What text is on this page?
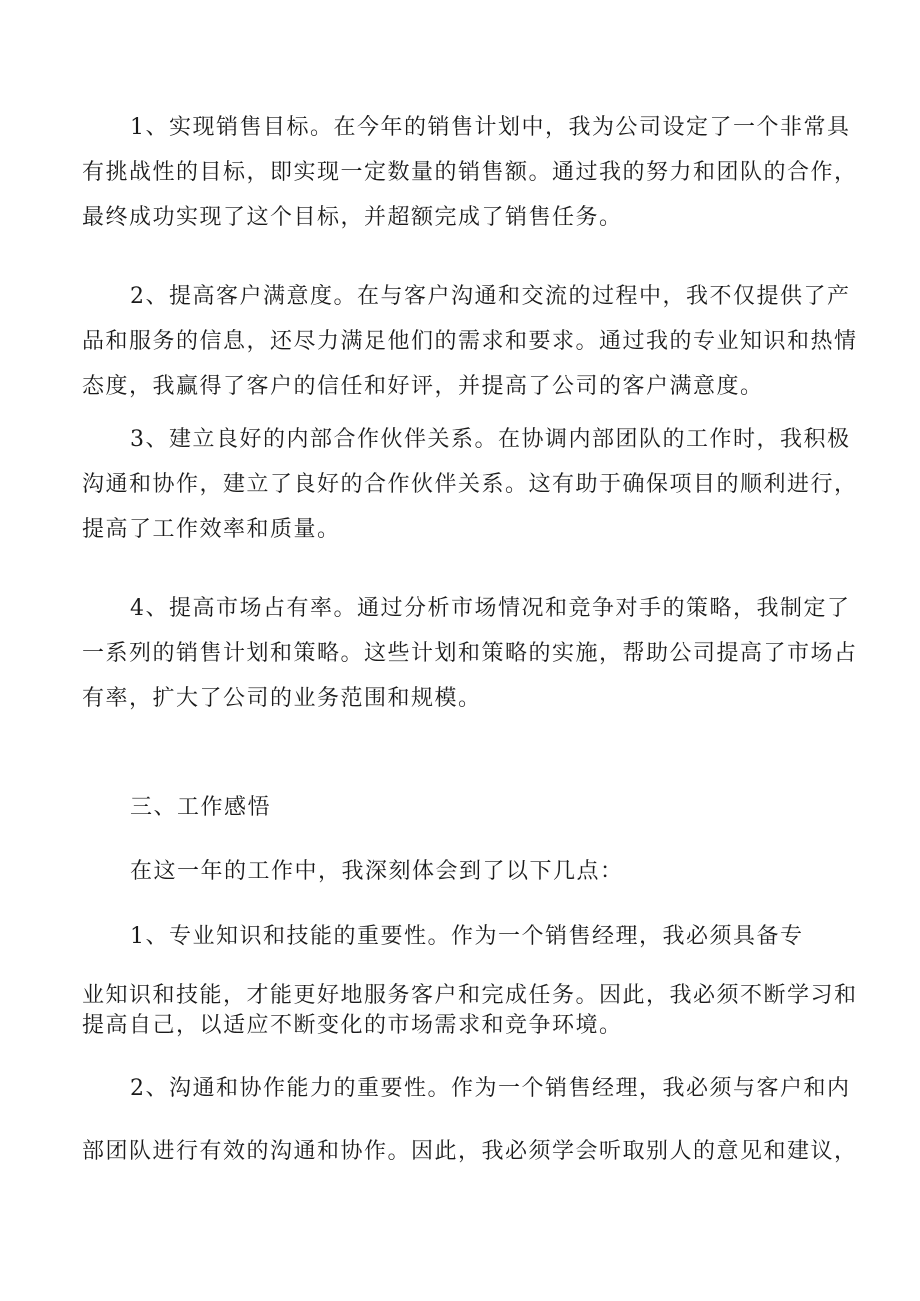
1、实现销售目标。在今年的销售计划中，我为公司设定了一个非常具
有挑战性的目标，即实现一定数量的销售额。通过我的努力和团队的合作，
最终成功实现了这个目标，并超额完成了销售任务。

2、提高客户满意度。在与客户沟通和交流的过程中，我不仅提供了产
品和服务的信息，还尽力满足他们的需求和要求。通过我的专业知识和热情
态度，我赢得了客户的信任和好评，并提高了公司的客户满意度。

3、建立良好的内部合作伙伴关系。在协调内部团队的工作时，我积极
沟通和协作，建立了良好的合作伙伴关系。这有助于确保项目的顺利进行，
提高了工作效率和质量。

4、提高市场占有率。通过分析市场情况和竞争对手的策略，我制定了
一系列的销售计划和策略。这些计划和策略的实施，帮助公司提高了市场占
有率，扩大了公司的业务范围和规模。

三、工作感悟

在这一年的工作中，我深刻体会到了以下几点：

1、专业知识和技能的重要性。作为一个销售经理，我必须具备专
业知识和技能，才能更好地服务客户和完成任务。因此，我必须不断学习和
提高自己，以适应不断变化的市场需求和竞争环境。

2、沟通和协作能力的重要性。作为一个销售经理，我必须与客户和内
部团队进行有效的沟通和协作。因此，我必须学会听取别人的意见和建议，
